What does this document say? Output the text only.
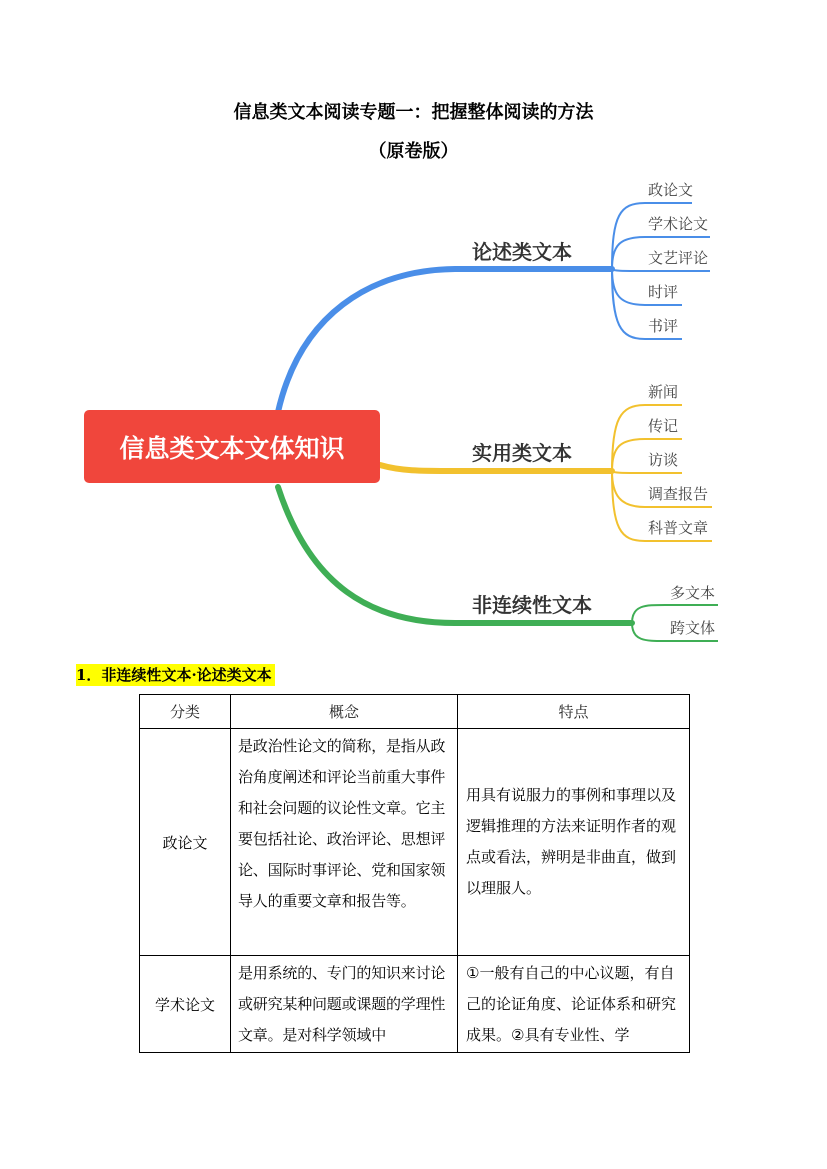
信息类文本阅读专题一：把握整体阅读的方法
（原卷版）
信息类文本文体知识
论述类文本
实用类文本
非连续性文本
政论文
学术论文
文艺评论
时评
书评
新闻
传记
访谈
调查报告
科普文章
多文本
跨文体
1．非连续性文本·论述类文本
分类	概念	特点
政论文	是政治性论文的简称，是指从政治角度阐述和评论当前重大事件和社会问题的议论性文章。它主要包括社论、政治评论、思想评论、国际时事评论、党和国家领导人的重要文章和报告等。	用具有说服力的事例和事理以及逻辑推理的方法来证明作者的观点或看法，辨明是非曲直，做到以理服人。
学术论文	是用系统的、专门的知识来讨论或研究某种问题或课题的学理性文章。是对科学领域中	①一般有自己的中心议题，有自己的论证角度、论证体系和研究成果。②具有专业性、学
